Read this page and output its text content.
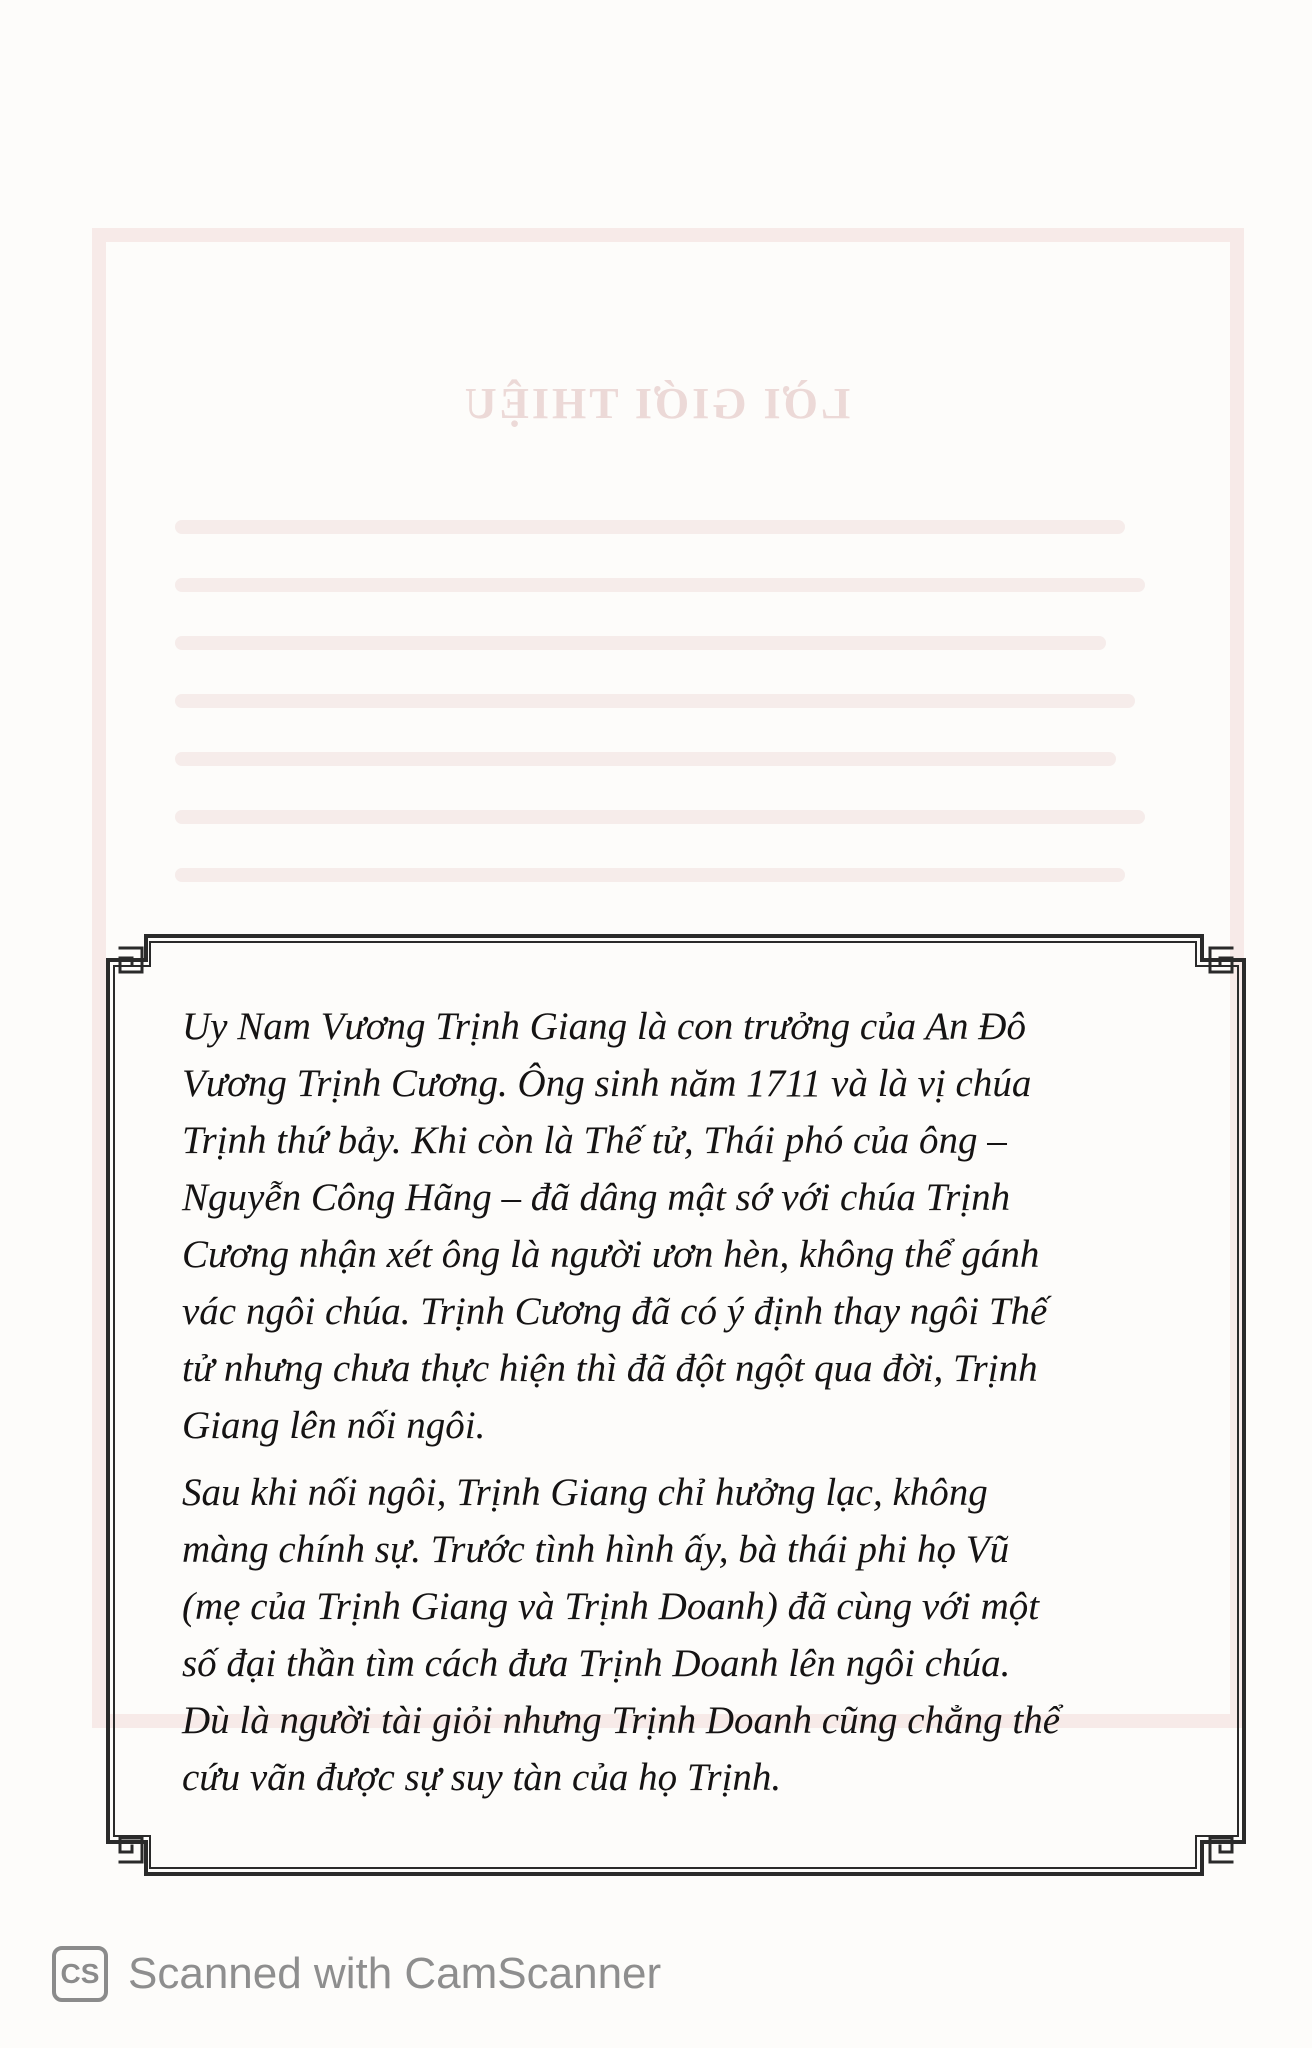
LỜI GIỚI THIỆU

Uy Nam Vương Trịnh Giang là con trưởng của An Đô
Vương Trịnh Cương. Ông sinh năm 1711 và là vị chúa
Trịnh thứ bảy. Khi còn là Thế tử, Thái phó của ông –
Nguyễn Công Hãng – đã dâng mật sớ với chúa Trịnh
Cương nhận xét ông là người ươn hèn, không thể gánh
vác ngôi chúa. Trịnh Cương đã có ý định thay ngôi Thế
tử nhưng chưa thực hiện thì đã đột ngột qua đời, Trịnh
Giang lên nối ngôi.

Sau khi nối ngôi, Trịnh Giang chỉ hưởng lạc, không
màng chính sự. Trước tình hình ấy, bà thái phi họ Vũ
(mẹ của Trịnh Giang và Trịnh Doanh) đã cùng với một
số đại thần tìm cách đưa Trịnh Doanh lên ngôi chúa.
Dù là người tài giỏi nhưng Trịnh Doanh cũng chẳng thể
cứu vãn được sự suy tàn của họ Trịnh.

CS Scanned with CamScanner
